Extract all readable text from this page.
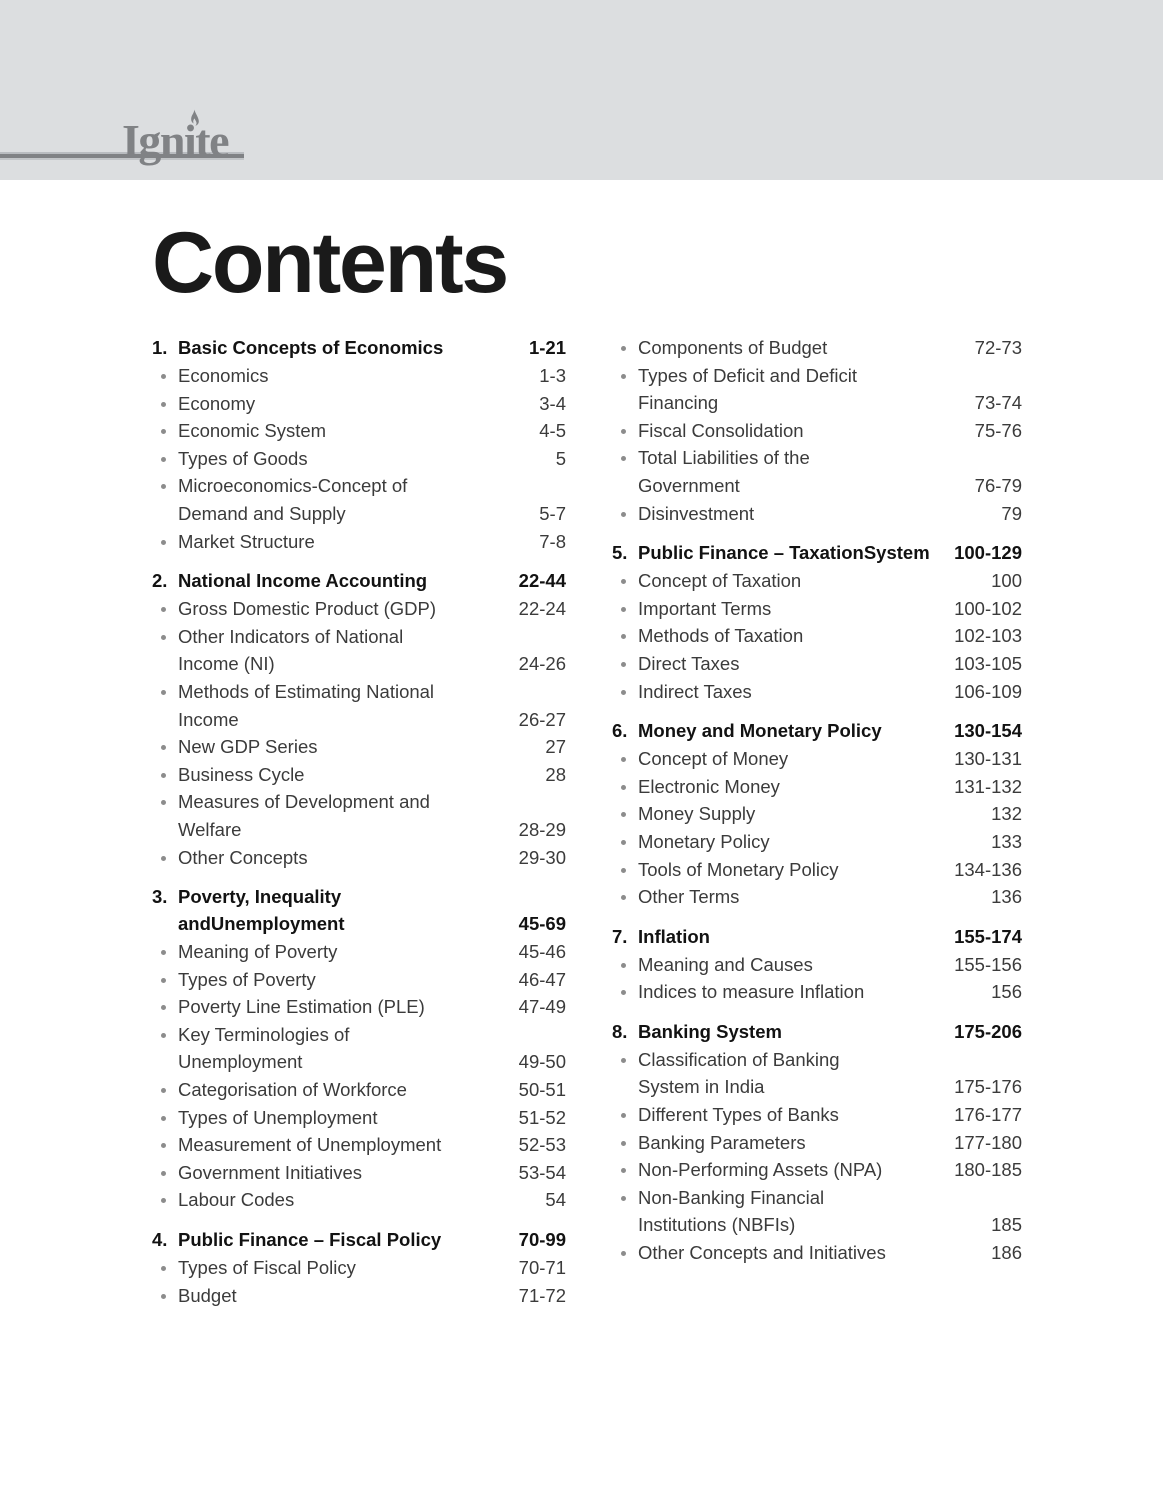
Ignite
Contents
1. Basic Concepts of Economics	1-21
Economics	1-3
Economy	3-4
Economic System	4-5
Types of Goods	5
Microeconomics-Concept of
Demand and Supply	5-7
Market Structure	7-8
2. National Income Accounting	22-44
Gross Domestic Product (GDP)	22-24
Other Indicators of National
Income (NI)	24-26
Methods of Estimating National
Income	26-27
New GDP Series	27
Business Cycle	28
Measures of Development and
Welfare	28-29
Other Concepts	29-30
3. Poverty, Inequality andUnemployment	45-69
Meaning of Poverty	45-46
Types of Poverty	46-47
Poverty Line Estimation (PLE)	47-49
Key Terminologies of
Unemployment	49-50
Categorisation of Workforce	50-51
Types of Unemployment	51-52
Measurement of Unemployment	52-53
Government Initiatives	53-54
Labour Codes	54
4. Public Finance – Fiscal Policy	70-99
Types of Fiscal Policy	70-71
Budget	71-72
Components of Budget	72-73
Types of Deficit and Deficit
Financing	73-74
Fiscal Consolidation	75-76
Total Liabilities of the
Government	76-79
Disinvestment	79
5. Public Finance – TaxationSystem	100-129
Concept of Taxation	100
Important Terms	100-102
Methods of Taxation	102-103
Direct Taxes	103-105
Indirect Taxes	106-109
6. Money and Monetary Policy	130-154
Concept of Money	130-131
Electronic Money	131-132
Money Supply	132
Monetary Policy	133
Tools of Monetary Policy	134-136
Other Terms	136
7. Inflation	155-174
Meaning and Causes	155-156
Indices to measure Inflation	156
8. Banking System	175-206
Classification of Banking
System in India	175-176
Different Types of Banks	176-177
Banking Parameters	177-180
Non-Performing Assets (NPA)	180-185
Non-Banking Financial
Institutions (NBFIs)	185
Other Concepts and Initiatives	186
